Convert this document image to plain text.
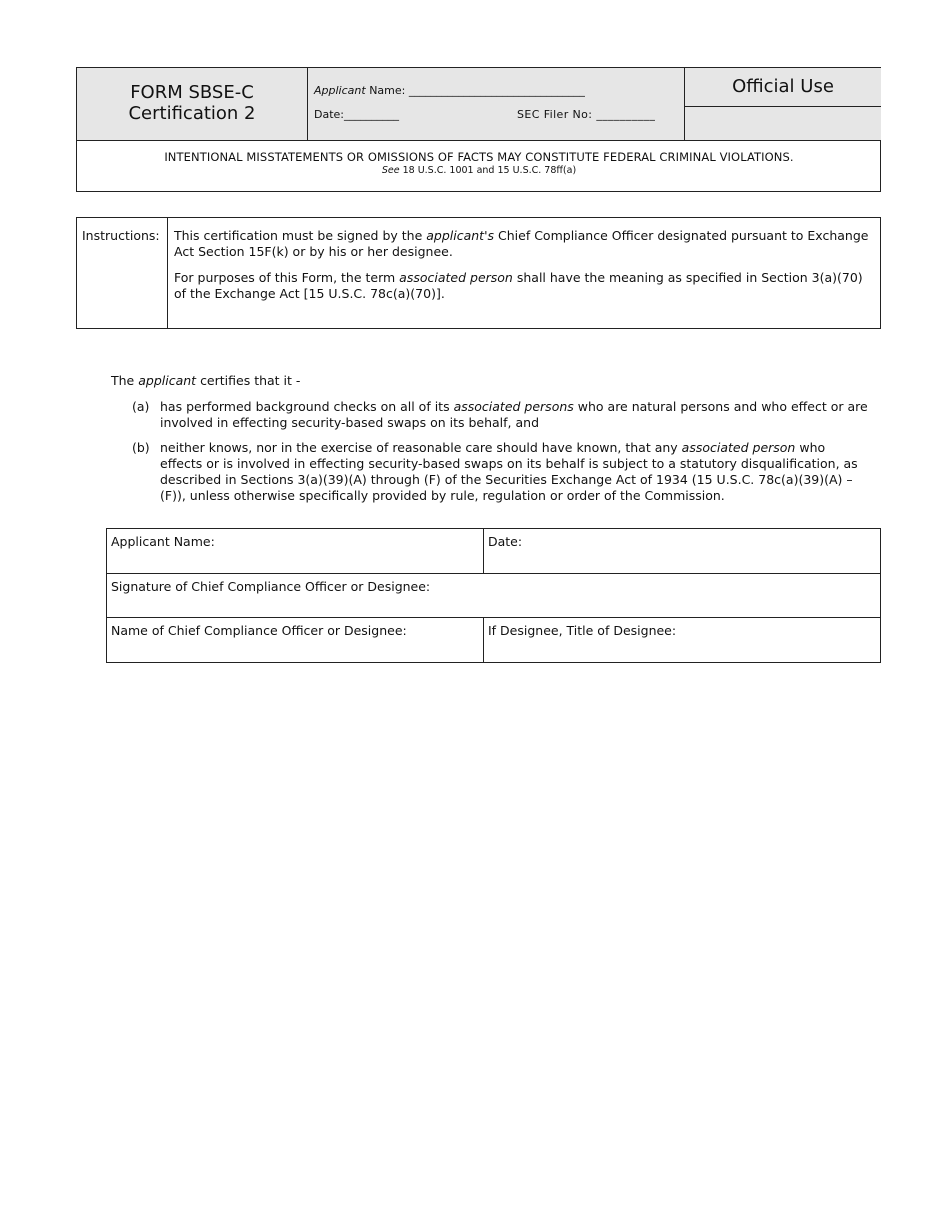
FORM SBSE-C
Certification 2
Applicant Name: ________________________________
Date:__________	SEC Filer No: __________
Official Use
INTENTIONAL MISSTATEMENTS OR OMISSIONS OF FACTS MAY CONSTITUTE FEDERAL CRIMINAL VIOLATIONS.
See 18 U.S.C. 1001 and 15 U.S.C. 78ff(a)
Instructions:	This certification must be signed by the applicant's Chief Compliance Officer designated pursuant to Exchange Act Section 15F(k) or by his or her designee.

For purposes of this Form, the term associated person shall have the meaning as specified in Section 3(a)(70) of the Exchange Act [15 U.S.C. 78c(a)(70)].

The applicant certifies that it -
(a) has performed background checks on all of its associated persons who are natural persons and who effect or are involved in effecting security-based swaps on its behalf, and
(b) neither knows, nor in the exercise of reasonable care should have known, that any associated person who effects or is involved in effecting security-based swaps on its behalf is subject to a statutory disqualification, as described in Sections 3(a)(39)(A) through (F) of the Securities Exchange Act of 1934 (15 U.S.C. 78c(a)(39)(A) – (F)), unless otherwise specifically provided by rule, regulation or order of the Commission.
Applicant Name:	Date:
Signature of Chief Compliance Officer or Designee:
Name of Chief Compliance Officer or Designee:	If Designee, Title of Designee:
